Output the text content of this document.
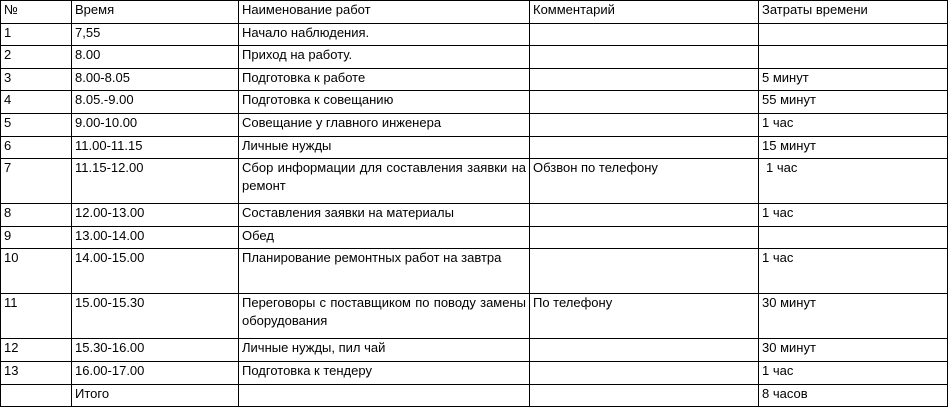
№	Время	Наименование работ	Комментарий	Затраты времени
1	7,55	Начало наблюдения.		
2	8.00	Приход на работу.		
3	8.00-8.05	Подготовка к работе		5 минут
4	8.05.-9.00	Подготовка к совещанию		55 минут
5	9.00-10.00	Совещание у главного инженера		1 час
6	11.00-11.15	Личные нужды		15 минут
7	11.15-12.00	Сбор информации для составления заявки на ремонт	Обзвон по телефону	1 час
8	12.00-13.00	Составления заявки на материалы		1 час
9	13.00-14.00	Обед		
10	14.00-15.00	Планирование ремонтных работ на завтра		1 час
11	15.00-15.30	Переговоры с поставщиком по поводу замены оборудования	По телефону	30 минут
12	15.30-16.00	Личные нужды, пил чай		30 минут
13	16.00-17.00	Подготовка к тендеру		1 час
	Итого			8 часов
